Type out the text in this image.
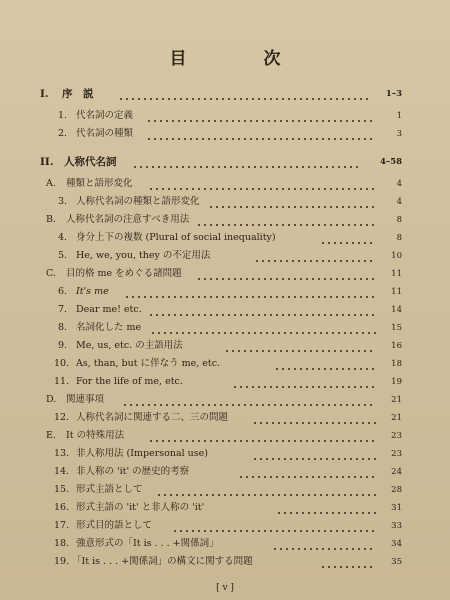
目　次
I. 序　説	1–3
1. 代名詞の定義	1
2. 代名詞の種類	3
II. 人称代名詞	4–58
A. 種類と語形変化	4
3. 人称代名詞の種類と語形変化	4
B. 人称代名詞の注意すべき用法	8
4. 身分上下の複数 (Plural of social inequality)	8
5. He, we, you, they の不定用法	10
C. 目的格 me をめぐる諸問題	11
6. It's me	11
7. Dear me! etc.	14
8. 名詞化した me	15
9. Me, us, etc. の主語用法	16
10. As, than, but に伴なう me, etc.	18
11. For the life of me, etc.	19
D. 関連事項	21
12. 人称代名詞に関連する二、三の問題	21
E. It の特殊用法	23
13. 非人称用法 (Impersonal use)	23
14. 非人称の 'it' の歴史的考察	24
15. 形式主語として	28
16. 形式主語の 'it' と非人称の 'it'	31
17. 形式目的語として	33
18. 強意形式の「It is . . . +関係詞」	34
19. 「It is . . . +関係詞」の構文に関する問題	35
[ v ]
